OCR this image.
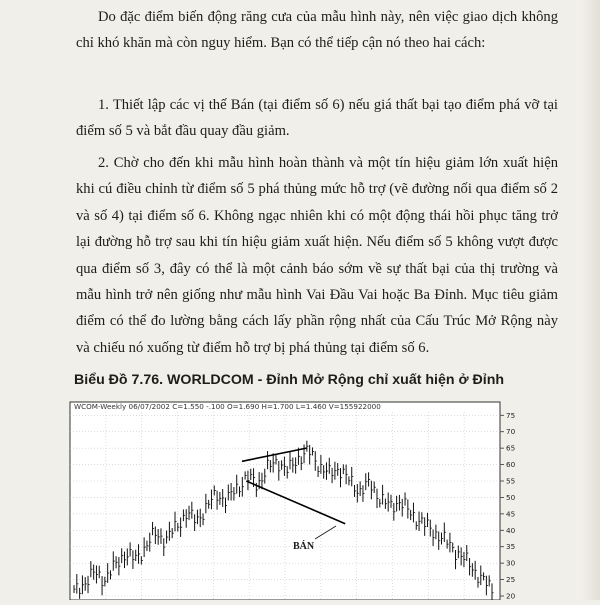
Do đặc điểm biến động răng cưa của mẫu hình này, nên việc giao dịch không chỉ khó khăn mà còn nguy hiểm. Bạn có thể tiếp cận nó theo hai cách:

1. Thiết lập các vị thế Bán (tại điểm số 6) nếu giá thất bại tạo điểm phá vỡ tại điểm số 5 và bắt đầu quay đầu giảm.

2. Chờ cho đến khi mẫu hình hoàn thành và một tín hiệu giảm lớn xuất hiện khi cú điều chỉnh từ điểm số 5 phá thủng mức hỗ trợ (vẽ đường nối qua điểm số 2 và số 4) tại điểm số 6. Không ngạc nhiên khi có một động thái hồi phục tăng trở lại đường hỗ trợ sau khi tín hiệu giảm xuất hiện. Nếu điểm số 5 không vượt được qua điểm số 3, đây có thể là một cảnh báo sớm về sự thất bại của thị trường và mẫu hình trở nên giống như mẫu hình Vai Đầu Vai hoặc Ba Đỉnh. Mục tiêu giảm điểm có thể đo lường bằng cách lấy phần rộng nhất của Cấu Trúc Mở Rộng này và chiếu nó xuống từ điểm hỗ trợ bị phá thủng tại điểm số 6.

Biểu Đồ 7.76. WORLDCOM - Đỉnh Mở Rộng chỉ xuất hiện ở Đỉnh
WCOM-Weekly 06/07/2002 C=1.550 -.100 O=1.690 H=1.700 L=1.460 V=155922000
75
70
65
60
55
50
45
40
35
30
25
20
BÁN
